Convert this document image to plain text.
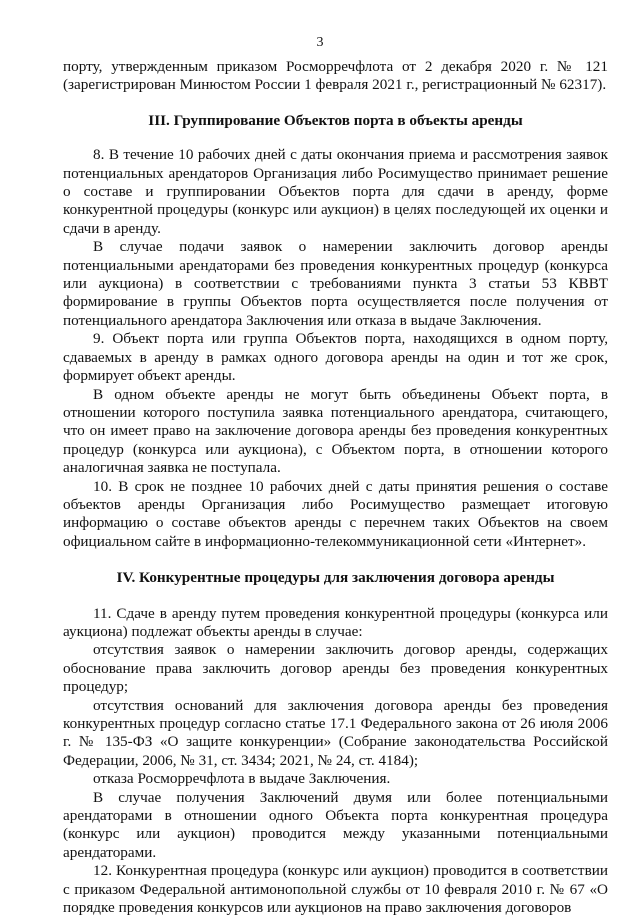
3

порту, утвержденным приказом Росморречфлота от 2 декабря 2020 г. № 121 (зарегистрирован Минюстом России 1 февраля 2021 г., регистрационный № 62317).

III. Группирование Объектов порта в объекты аренды

8. В течение 10 рабочих дней с даты окончания приема и рассмотрения заявок потенциальных арендаторов Организация либо Росимущество принимает решение о составе и группировании Объектов порта для сдачи в аренду, форме конкурентной процедуры (конкурс или аукцион) в целях последующей их оценки и сдачи в аренду.

В случае подачи заявок о намерении заключить договор аренды потенциальными арендаторами без проведения конкурентных процедур (конкурса или аукциона) в соответствии с требованиями пункта 3 статьи 53 КВВТ формирование в группы Объектов порта осуществляется после получения от потенциального арендатора Заключения или отказа в выдаче Заключения.

9. Объект порта или группа Объектов порта, находящихся в одном порту, сдаваемых в аренду в рамках одного договора аренды на один и тот же срок, формирует объект аренды.

В одном объекте аренды не могут быть объединены Объект порта, в отношении которого поступила заявка потенциального арендатора, считающего, что он имеет право на заключение договора аренды без проведения конкурентных процедур (конкурса или аукциона), с Объектом порта, в отношении которого аналогичная заявка не поступала.

10. В срок не позднее 10 рабочих дней с даты принятия решения о составе объектов аренды Организация либо Росимущество размещает итоговую информацию о составе объектов аренды с перечнем таких Объектов на своем официальном сайте в информационно-телекоммуникационной сети «Интернет».

IV. Конкурентные процедуры для заключения договора аренды

11. Сдаче в аренду путем проведения конкурентной процедуры (конкурса или аукциона) подлежат объекты аренды в случае:

отсутствия заявок о намерении заключить договор аренды, содержащих обоснование права заключить договор аренды без проведения конкурентных процедур;

отсутствия оснований для заключения договора аренды без проведения конкурентных процедур согласно статье 17.1 Федерального закона от 26 июля 2006 г. № 135-ФЗ «О защите конкуренции» (Собрание законодательства Российской Федерации, 2006, № 31, ст. 3434; 2021, № 24, ст. 4184);

отказа Росморречфлота в выдаче Заключения.

В случае получения Заключений двумя или более потенциальными арендаторами в отношении одного Объекта порта конкурентная процедура (конкурс или аукцион) проводится между указанными потенциальными арендаторами.

12. Конкурентная процедура (конкурс или аукцион) проводится в соответствии с приказом Федеральной антимонопольной службы от 10 февраля 2010 г. № 67 «О порядке проведения конкурсов или аукционов на право заключения договоров
